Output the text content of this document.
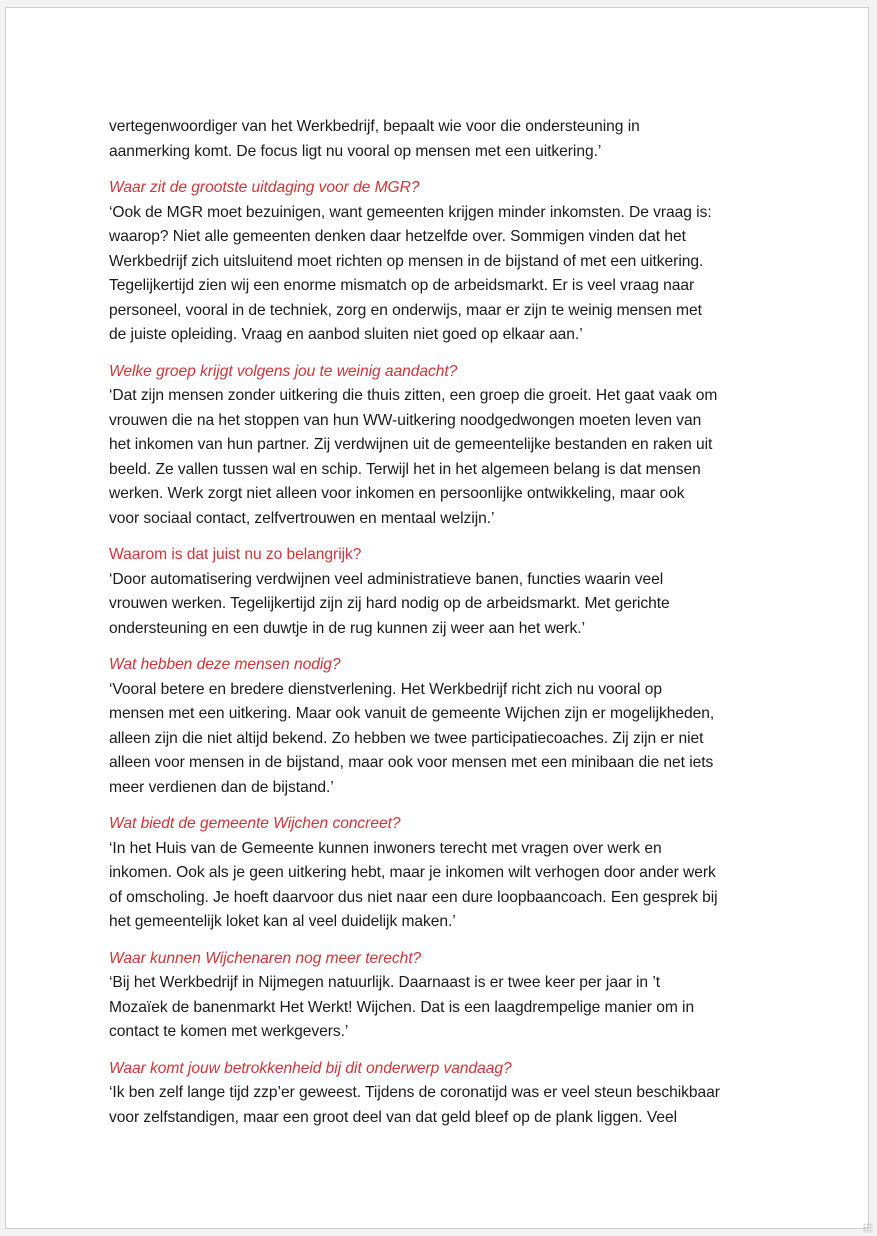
vertegenwoordiger van het Werkbedrijf, bepaalt wie voor die ondersteuning in
aanmerking komt. De focus ligt nu vooral op mensen met een uitkering.’

Waar zit de grootste uitdaging voor de MGR?

‘Ook de MGR moet bezuinigen, want gemeenten krijgen minder inkomsten. De vraag is:
waarop? Niet alle gemeenten denken daar hetzelfde over. Sommigen vinden dat het
Werkbedrijf zich uitsluitend moet richten op mensen in de bijstand of met een uitkering.
Tegelijkertijd zien wij een enorme mismatch op de arbeidsmarkt. Er is veel vraag naar
personeel, vooral in de techniek, zorg en onderwijs, maar er zijn te weinig mensen met
de juiste opleiding. Vraag en aanbod sluiten niet goed op elkaar aan.’

Welke groep krijgt volgens jou te weinig aandacht?

‘Dat zijn mensen zonder uitkering die thuis zitten, een groep die groeit. Het gaat vaak om
vrouwen die na het stoppen van hun WW-uitkering noodgedwongen moeten leven van
het inkomen van hun partner. Zij verdwijnen uit de gemeentelijke bestanden en raken uit
beeld. Ze vallen tussen wal en schip. Terwijl het in het algemeen belang is dat mensen
werken. Werk zorgt niet alleen voor inkomen en persoonlijke ontwikkeling, maar ook
voor sociaal contact, zelfvertrouwen en mentaal welzijn.’

Waarom is dat juist nu zo belangrijk?

‘Door automatisering verdwijnen veel administratieve banen, functies waarin veel
vrouwen werken. Tegelijkertijd zijn zij hard nodig op de arbeidsmarkt. Met gerichte
ondersteuning en een duwtje in de rug kunnen zij weer aan het werk.’

Wat hebben deze mensen nodig?

‘Vooral betere en bredere dienstverlening. Het Werkbedrijf richt zich nu vooral op
mensen met een uitkering. Maar ook vanuit de gemeente Wijchen zijn er mogelijkheden,
alleen zijn die niet altijd bekend. Zo hebben we twee participatiecoaches. Zij zijn er niet
alleen voor mensen in de bijstand, maar ook voor mensen met een minibaan die net iets
meer verdienen dan de bijstand.’

Wat biedt de gemeente Wijchen concreet?

‘In het Huis van de Gemeente kunnen inwoners terecht met vragen over werk en
inkomen. Ook als je geen uitkering hebt, maar je inkomen wilt verhogen door ander werk
of omscholing. Je hoeft daarvoor dus niet naar een dure loopbaancoach. Een gesprek bij
het gemeentelijk loket kan al veel duidelijk maken.’

Waar kunnen Wijchenaren nog meer terecht?

‘Bij het Werkbedrijf in Nijmegen natuurlijk. Daarnaast is er twee keer per jaar in ’t
Mozaïek de banenmarkt Het Werkt! Wijchen. Dat is een laagdrempelige manier om in
contact te komen met werkgevers.’

Waar komt jouw betrokkenheid bij dit onderwerp vandaag?

‘Ik ben zelf lange tijd zzp’er geweest. Tijdens de coronatijd was er veel steun beschikbaar
voor zelfstandigen, maar een groot deel van dat geld bleef op de plank liggen. Veel
